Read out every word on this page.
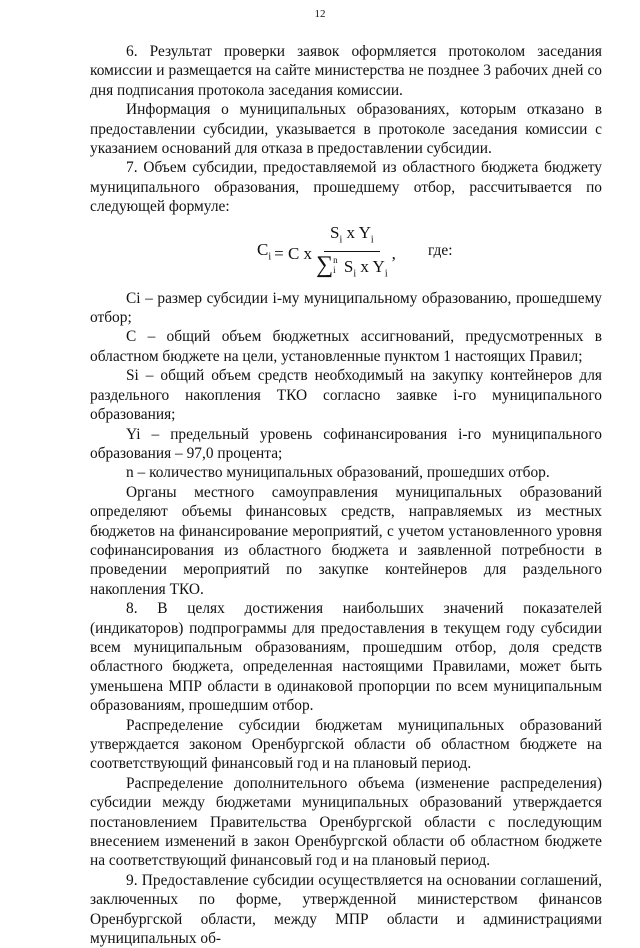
12

6. Результат проверки заявок оформляется протоколом заседания комиссии и размещается на сайте министерства не позднее 3 рабочих дней со дня подписания протокола заседания комиссии.

Информация о муниципальных образованиях, которым отказано в предоставлении субсидии, указывается в протоколе заседания комиссии с указанием оснований для отказа в предоставлении субсидии.

7. Объем субсидии, предоставляемой из областного бюджета бюджету муниципального образования, прошедшему отбор, рассчитывается по следующей формуле:

$C_i = C$ x
$S_i$ x $Y_i$
∑ n
i $S_i$ x $Y_i$
, где:

Ci – размер субсидии i-му муниципальному образованию, прошедшему отбор;

С – общий объем бюджетных ассигнований, предусмотренных в областном бюджете на цели, установленные пунктом 1 настоящих Правил;

Si – общий объем средств необходимый на закупку контейнеров для раздельного накопления ТКО согласно заявке i-го муниципального образования;

Yi – предельный уровень софинансирования i-го муниципального образования – 97,0 процента;

n – количество муниципальных образований, прошедших отбор.

Органы местного самоуправления муниципальных образований определяют объемы финансовых средств, направляемых из местных бюджетов на финансирование мероприятий, с учетом установленного уровня софинансирования из областного бюджета и заявленной потребности в проведении мероприятий по закупке контейнеров для раздельного накопления ТКО.

8. В целях достижения наибольших значений показателей (индикаторов) подпрограммы для предоставления в текущем году субсидии всем муниципальным образованиям, прошедшим отбор, доля средств областного бюджета, определенная настоящими Правилами, может быть уменьшена МПР области в одинаковой пропорции по всем муниципальным образованиям, прошедшим отбор.

Распределение субсидии бюджетам муниципальных образований утверждается законом Оренбургской области об областном бюджете на соответствующий финансовый год и на плановый период.

Распределение дополнительного объема (изменение распределения) субсидии между бюджетами муниципальных образований утверждается постановлением Правительства Оренбургской области с последующим внесением изменений в закон Оренбургской области об областном бюджете на соответствующий финансовый год и на плановый период.

9. Предоставление субсидии осуществляется на основании соглашений, заключенных по форме, утвержденной министерством финансов Оренбургской области, между МПР области и администрациями муниципальных об-
